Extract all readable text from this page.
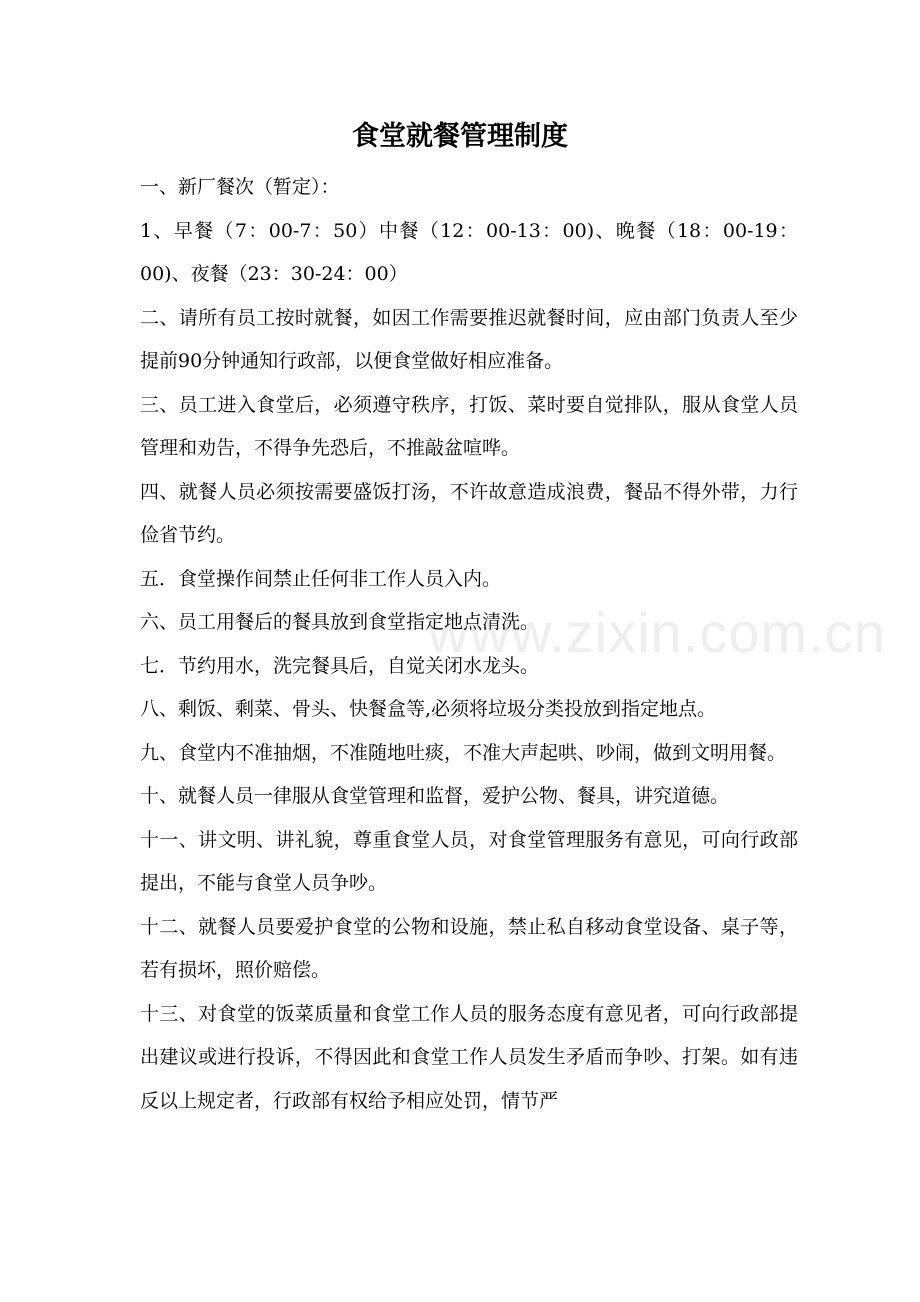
食堂就餐管理制度

一、新厂餐次（暂定）：

1、早餐（7：00-7：50）中餐（12：00-13：00)、晚餐（18：00-19：00)、夜餐（23：30-24：00）

二、请所有员工按时就餐，如因工作需要推迟就餐时间，应由部门负责人至少提前90分钟通知行政部，以便食堂做好相应准备。

三、员工进入食堂后，必须遵守秩序，打饭、菜时要自觉排队，服从食堂人员管理和劝告，不得争先恐后，不推敲盆喧哗。

四、就餐人员必须按需要盛饭打汤，不许故意造成浪费，餐品不得外带，力行俭省节约。

五．食堂操作间禁止任何非工作人员入内。

六、员工用餐后的餐具放到食堂指定地点清洗。

七．节约用水，洗完餐具后，自觉关闭水龙头。

八、剩饭、剩菜、骨头、快餐盒等,必须将垃圾分类投放到指定地点。

九、食堂内不准抽烟，不准随地吐痰，不准大声起哄、吵闹，做到文明用餐。

十、就餐人员一律服从食堂管理和监督，爱护公物、餐具，讲究道德。

十一、讲文明、讲礼貌，尊重食堂人员，对食堂管理服务有意见，可向行政部提出，不能与食堂人员争吵。

十二、就餐人员要爱护食堂的公物和设施，禁止私自移动食堂设备、桌子等，若有损坏，照价赔偿。

十三、对食堂的饭菜质量和食堂工作人员的服务态度有意见者，可向行政部提出建议或进行投诉，不得因此和食堂工作人员发生矛盾而争吵、打架。如有违反以上规定者，行政部有权给予相应处罚，情节严

www.zixin.com.cn
